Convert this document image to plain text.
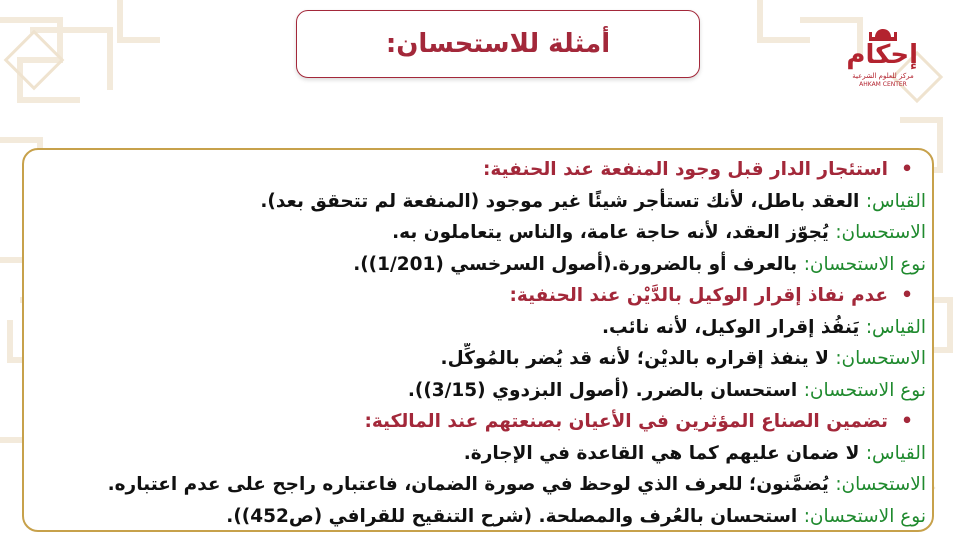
أمثلة للاستحسان:	إحكام
مركز للعلوم الشرعية
AHKAM CENTER
•استئجار الدار قبل وجود المنفعة عند الحنفية:
القياس: العقد باطل، لأنك تستأجر شيئًا غير موجود (المنفعة لم تتحقق بعد).
الاستحسان: يُجوّز العقد، لأنه حاجة عامة، والناس يتعاملون به.
نوع الاستحسان: بالعرف أو بالضرورة.(أصول السرخسي (1/201)).
•عدم نفاذ إقرار الوكيل بالدَّيْن عند الحنفية:
القياس: يَنفُذ إقرار الوكيل، لأنه نائب.
الاستحسان: لا ينفذ إقراره بالديْن؛ لأنه قد يُضر بالمُوكِّل.
نوع الاستحسان: استحسان بالضرر. (أصول البزدوي (3/15)).
•تضمين الصناع المؤثرين في الأعيان بصنعتهم عند المالكية:
القياس: لا ضمان عليهم كما هي القاعدة في الإجارة.
الاستحسان: يُضمَّنون؛ للعرف الذي لوحظ في صورة الضمان، فاعتباره راجح على عدم اعتباره.
نوع الاستحسان: استحسان بالعُرف والمصلحة. (شرح التنقيح للقرافي (ص452)).
